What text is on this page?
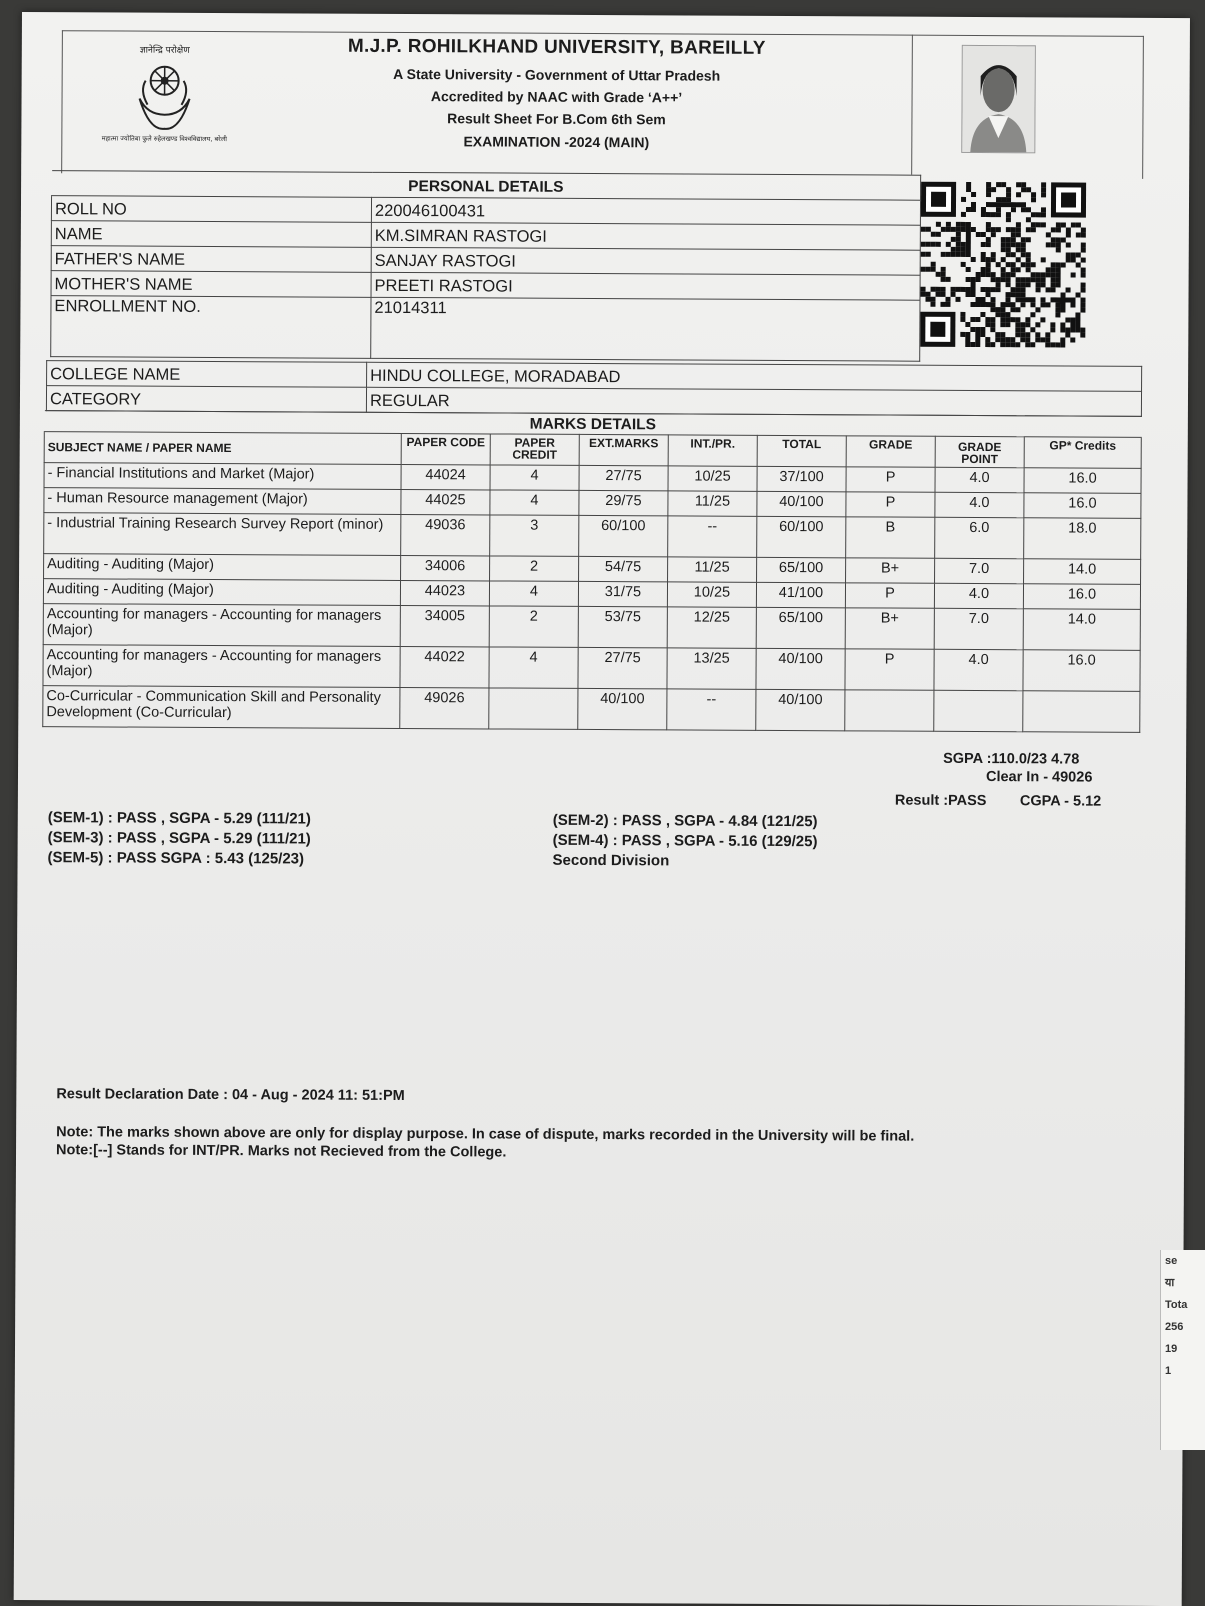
ज्ञानेन्द्रि परोक्षेण
महात्मा ज्योतिबा फुले रुहेलखण्ड विश्वविद्यालय, बरेली
M.J.P. ROHILKHAND UNIVERSITY, BAREILLY
A State University - Government of Uttar Pradesh
Accredited by NAAC with Grade ‘A++’
Result Sheet For B.Com 6th Sem
EXAMINATION -2024 (MAIN)
PERSONAL DETAILS	
ROLL NO	220046100431
NAME	KM.SIMRAN RASTOGI
FATHER'S NAME	SANJAY RASTOGI
MOTHER'S NAME	PREETI RASTOGI
ENROLLMENT NO.	21014311
COLLEGE NAME	HINDU COLLEGE, MORADABAD
CATEGORY	REGULAR
MARKS DETAILS								
SUBJECT NAME / PAPER NAME	PAPER CODE	PAPER CREDIT	EXT.MARKS	INT./PR.	TOTAL	GRADE	GRADE POINT	GP* Credits
- Financial Institutions and Market (Major)	44024	4	27/75	10/25	37/100	P	4.0	16.0
- Human Resource management (Major)	44025	4	29/75	11/25	40/100	P	4.0	16.0
- Industrial Training Research Survey Report (minor)	49036	3	60/100	--	60/100	B	6.0	18.0
Auditing - Auditing (Major)	34006	2	54/75	11/25	65/100	B+	7.0	14.0
Auditing - Auditing (Major)	44023	4	31/75	10/25	41/100	P	4.0	16.0
Accounting for managers - Accounting for managers (Major)	34005	2	53/75	12/25	65/100	B+	7.0	14.0
Accounting for managers - Accounting for managers (Major)	44022	4	27/75	13/25	40/100	P	4.0	16.0
Co-Curricular - Communication Skill and Personality Development (Co-Curricular)	49026		40/100	--	40/100			
SGPA :110.0/23 4.78
Clear In - 49026
Result :PASS CGPA - 5.12
(SEM-1) : PASS , SGPA - 5.29 (111/21)
(SEM-3) : PASS , SGPA - 5.29 (111/21)
(SEM-5) : PASS SGPA : 5.43 (125/23)
(SEM-2) : PASS , SGPA - 4.84 (121/25)
(SEM-4) : PASS , SGPA - 5.16 (129/25)
Second Division
Result Declaration Date : 04 - Aug - 2024 11: 51:PM
Note: The marks shown above are only for display purpose. In case of dispute, marks recorded in the University will be final.
Note:[--] Stands for INT/PR. Marks not Recieved from the College.
se
या
Tota
256
19
1
